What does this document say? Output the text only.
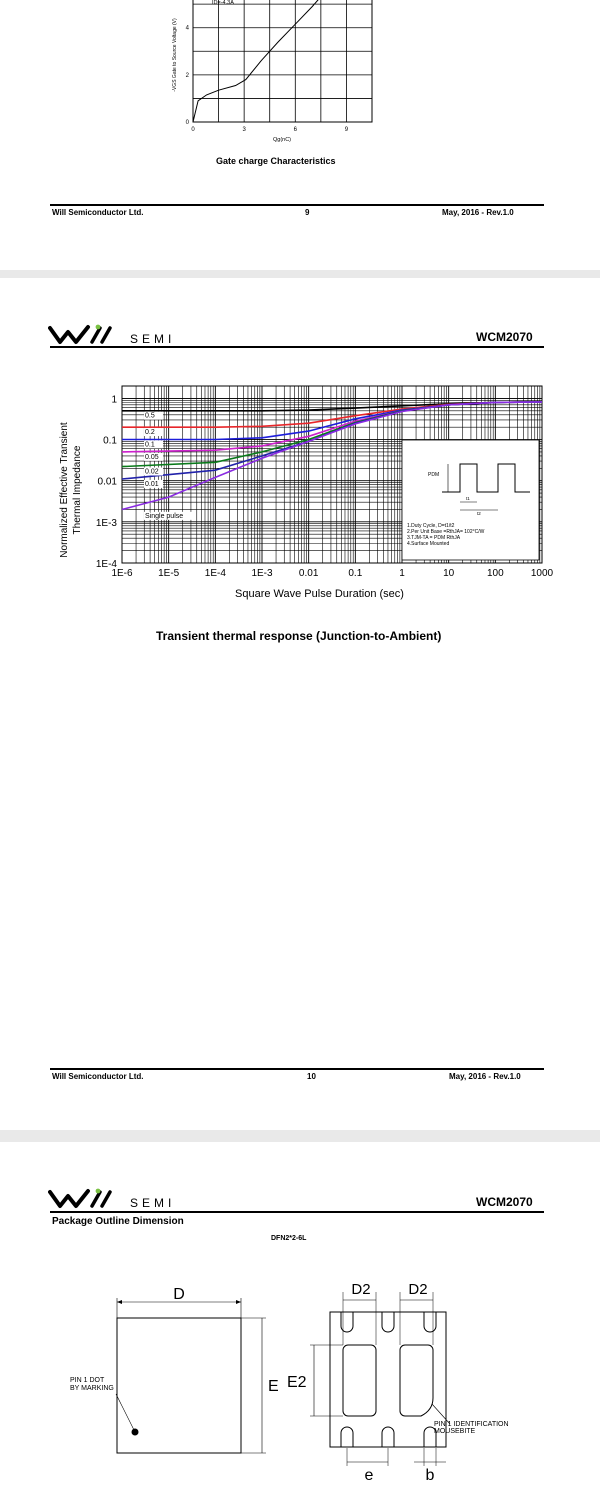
0	3	6	9
0
2
4
-VGS Gate to Source Voltage (V)
ID=-4.3A
Qg(nC)
Gate charge Characteristics
Will Semiconductor Ltd.	9	May, 2016 - Rev.1.0
SEMI	WCM2070
1E-6	1E-5	1E-4	1E-3	0.01	0.1	1	10	100	1000
1
0.1
0.01
1E-3
1E-4
0.5
0.2
0.1
0.05
0.02
0.01
Single pulse
PDM
t1
t2
1.Duty Cycle, D=t1/t2
2.Per Unit Base =RthJA= 102°C/W
3.TJM-TA = PDM RthJA
4.Surface Mounted
Normalized Effective Transient Thermal Impedance
Square Wave Pulse Duration (sec)
Transient thermal response (Junction-to-Ambient)
Will Semiconductor Ltd.	10	May, 2016 - Rev.1.0
SEMI	WCM2070
Package Outline Dimension
DFN2*2-6L
D
E
PIN 1 DOT
BY MARKING
D2	D2
E2
e	b
PIN 1 IDENTIFICATION
MOUSEBITE
